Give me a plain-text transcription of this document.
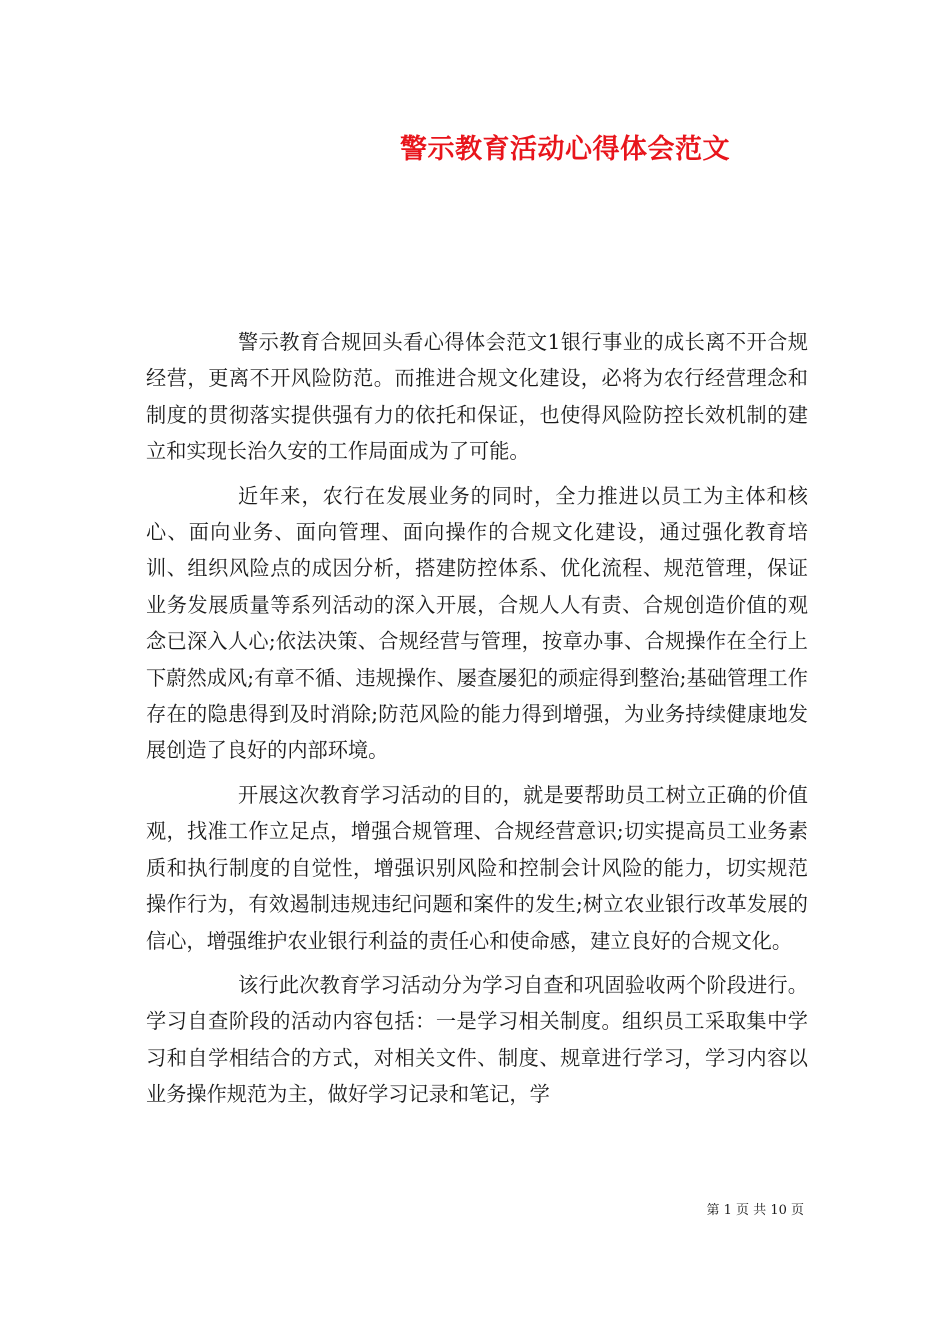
警示教育活动心得体会范文

警示教育合规回头看心得体会范文1银行事业的成长离不开合规经营，更离不开风险防范。而推进合规文化建设，必将为农行经营理念和制度的贯彻落实提供强有力的依托和保证，也使得风险防控长效机制的建立和实现长治久安的工作局面成为了可能。

近年来，农行在发展业务的同时，全力推进以员工为主体和核心、面向业务、面向管理、面向操作的合规文化建设，通过强化教育培训、组织风险点的成因分析，搭建防控体系、优化流程、规范管理，保证业务发展质量等系列活动的深入开展，合规人人有责、合规创造价值的观念已深入人心;依法决策、合规经营与管理，按章办事、合规操作在全行上下蔚然成风;有章不循、违规操作、屡查屡犯的顽症得到整治;基础管理工作存在的隐患得到及时消除;防范风险的能力得到增强，为业务持续健康地发展创造了良好的内部环境。

开展这次教育学习活动的目的，就是要帮助员工树立正确的价值观，找准工作立足点，增强合规管理、合规经营意识;切实提高员工业务素质和执行制度的自觉性，增强识别风险和控制会计风险的能力，切实规范操作行为，有效遏制违规违纪问题和案件的发生;树立农业银行改革发展的信心，增强维护农业银行利益的责任心和使命感，建立良好的合规文化。

该行此次教育学习活动分为学习自查和巩固验收两个阶段进行。学习自查阶段的活动内容包括：一是学习相关制度。组织员工采取集中学习和自学相结合的方式，对相关文件、制度、规章进行学习，学习内容以业务操作规范为主，做好学习记录和笔记，学

第 1 页 共 10 页
